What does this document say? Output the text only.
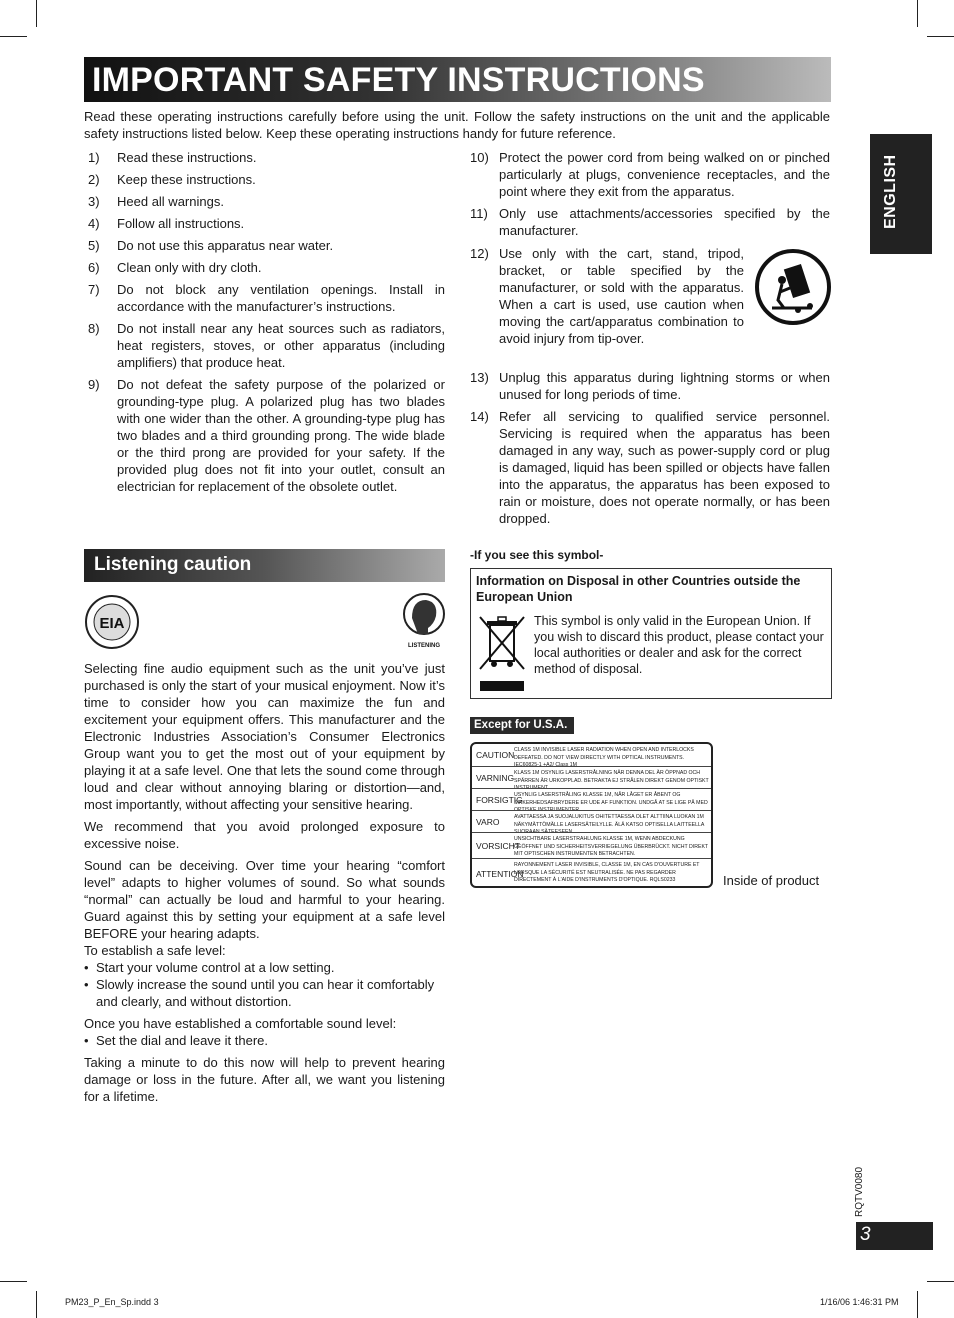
IMPORTANT SAFETY INSTRUCTIONS
Read these operating instructions carefully before using the unit. Follow the safety instructions on the unit and the applicable safety instructions listed below. Keep these operating instructions handy for future reference.
ENGLISH
1)	Read these instructions.
2)	Keep these instructions.
3)	Heed all warnings.
4)	Follow all instructions.
5)	Do not use this apparatus near water.
6)	Clean only with dry cloth.
7)	Do not block any ventilation openings. Install in accordance with the manufacturer’s instructions.
8)	Do not install near any heat sources such as radiators, heat registers, stoves, or other apparatus (including amplifiers) that produce heat.
9)	Do not defeat the safety purpose of the polarized or grounding-type plug. A polarized plug has two blades with one wider than the other. A grounding-type plug has two blades and a third grounding prong. The wide blade or the third prong are provided for your safety. If the provided plug does not fit into your outlet, consult an electrician for replacement of the obsolete outlet.
10) Protect the power cord from being walked on or pinched particularly at plugs, convenience receptacles, and the point where they exit from the apparatus.
11) Only use attachments/accessories specified by the manufacturer.
12) Use only with the cart, stand, tripod, bracket, or table specified by the manufacturer, or sold with the apparatus. When a cart is used, use caution when moving the cart/apparatus combination to avoid injury from tip-over.
13) Unplug this apparatus during lightning storms or when unused for long periods of time.
14) Refer all servicing to qualified service personnel. Servicing is required when the apparatus has been damaged in any way, such as power-supply cord or plug is damaged, liquid has been spilled or objects have fallen into the apparatus, the apparatus has been exposed to rain or moisture, does not operate normally, or has been dropped.
Listening caution
EIA
LISTENING

Selecting fine audio equipment such as the unit you’ve just purchased is only the start of your musical enjoyment. Now it’s time to consider how you can maximize the fun and excitement your equipment offers. This manufacturer and the Electronic Industries Association’s Consumer Electronics Group want you to get the most out of your equipment by playing it at a safe level. One that lets the sound come through loud and clear without annoying blaring or distortion—and, most importantly, without affecting your sensitive hearing.

We recommend that you avoid prolonged exposure to excessive noise.

Sound can be deceiving. Over time your hearing “comfort level” adapts to higher volumes of sound. So what sounds “normal” can actually be loud and harmful to your hearing. Guard against this by setting your equipment at a safe level BEFORE your hearing adapts.

To establish a safe level:

• Start your volume control at a low setting.
• Slowly increase the sound until you can hear it comfortably and clearly, and without distortion.

Once you have established a comfortable sound level:

• Set the dial and leave it there.

Taking a minute to do this now will help to prevent hearing damage or loss in the future. After all, we want you listening for a lifetime.

-If you see this symbol-
Information on Disposal in other Countries outside the European Union
This symbol is only valid in the European Union. If you wish to discard this product, please contact your local authorities or dealer and ask for the correct method of disposal.
Except for U.S.A.
CAUTION CLASS 1M INVISIBLE LASER RADIATION WHEN OPEN AND INTERLOCKS DEFEATED. DO NOT VIEW DIRECTLY WITH OPTICAL INSTRUMENTS. IEC60825-1 +A2/ Class 1M
VARNING KLASS 1M OSYNLIG LASERSTRÅLNING NÄR DENNA DEL ÄR ÖPPNAD OCH SPÄRREN ÄR URKOPPLAD. BETRAKTA EJ STRÅLEN DIREKT GENOM OPTISKT INSTRUMENT.
FORSIGTIG
USYNLIG LASERSTRÅLING KLASSE 1M, NÅR LÅGET ER ÅBENT OG SIKKERHEDSAFBRYDERE ER UDE AF FUNKTION. UNDGÅ AT SE LIGE PÅ MED OPTISKE INSTRUMENTER.
VARO	AVATTAESSA JA SUOJALUKITUS OHITETTAESSA OLET ALTTIINA LUOKAN 1M NÄKYMÄTTÖMÄLLE LASERSÄTEILYLLE. ÄLÄ KATSO OPTISELLA LAITTEELLA SUORAAN SÄTEESEEN.
VORSICHT
UNSICHTBARE LASERSTRAHLUNG KLASSE 1M, WENN ABDECKUNG GEÖFFNET UND SICHERHEITSVERRIEGELUNG ÜBERBRÜCKT. NICHT DIREKT MIT OPTISCHEN INSTRUMENTEN BETRACHTEN.
ATTENTION
RAYONNEMENT LASER INVISIBLE, CLASSE 1M, EN CAS D'OUVERTURE ET LORSQUE LA SÉCURITÉ EST NEUTRALISÉE. NE PAS REGARDER DIRECTEMENT À L'AIDE D'INSTRUMENTS D'OPTIQUE. RQLS0233	Inside of product
RQTV0080
3
PM23_P_En_Sp.indd 3	1/16/06 1:46:31 PM
